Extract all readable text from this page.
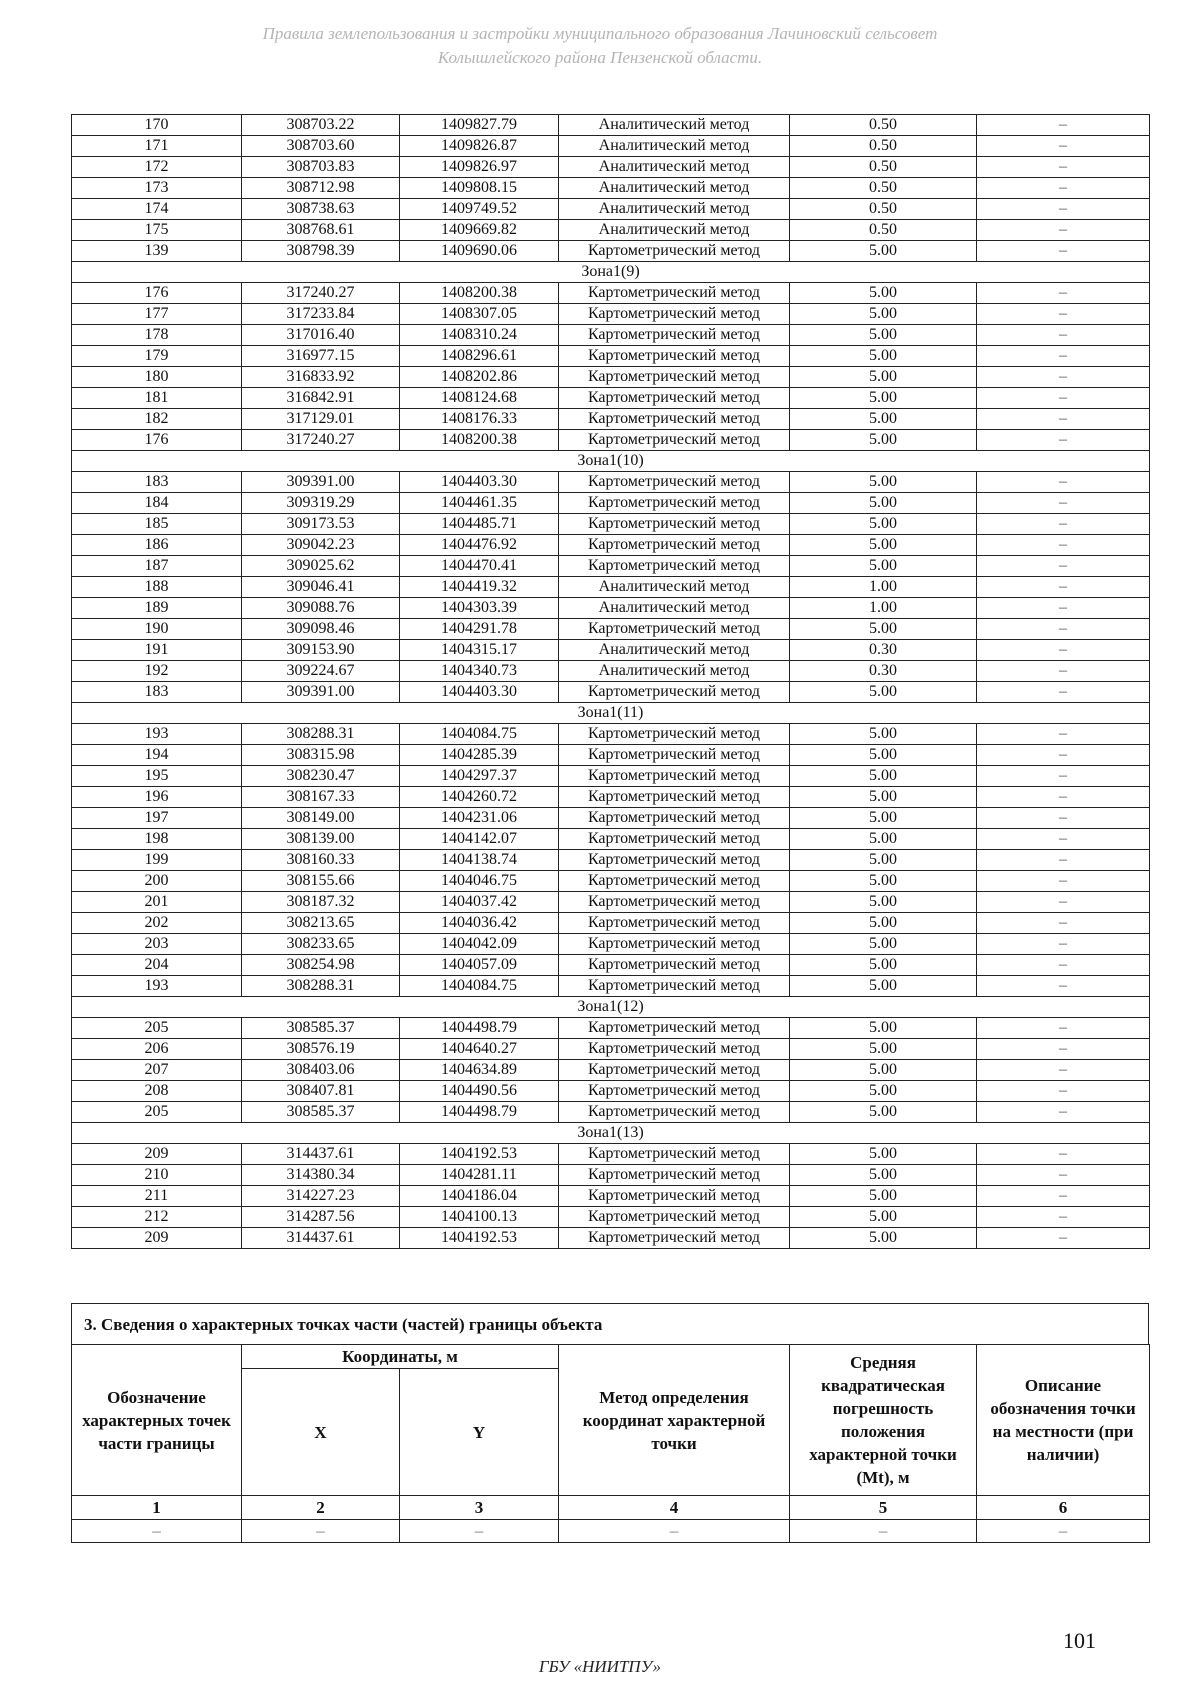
Правила землепользования и застройки муниципального образования Лачиновский сельсовет
Колышлейского района Пензенской области.
170	308703.22	1409827.79	Аналитический метод	0.50	–
171	308703.60	1409826.87	Аналитический метод	0.50	–
172	308703.83	1409826.97	Аналитический метод	0.50	–
173	308712.98	1409808.15	Аналитический метод	0.50	–
174	308738.63	1409749.52	Аналитический метод	0.50	–
175	308768.61	1409669.82	Аналитический метод	0.50	–
139	308798.39	1409690.06	Картометрический метод	5.00	–
Зона1(9)					
176	317240.27	1408200.38	Картометрический метод	5.00	–
177	317233.84	1408307.05	Картометрический метод	5.00	–
178	317016.40	1408310.24	Картометрический метод	5.00	–
179	316977.15	1408296.61	Картометрический метод	5.00	–
180	316833.92	1408202.86	Картометрический метод	5.00	–
181	316842.91	1408124.68	Картометрический метод	5.00	–
182	317129.01	1408176.33	Картометрический метод	5.00	–
176	317240.27	1408200.38	Картометрический метод	5.00	–
Зона1(10)					
183	309391.00	1404403.30	Картометрический метод	5.00	–
184	309319.29	1404461.35	Картометрический метод	5.00	–
185	309173.53	1404485.71	Картометрический метод	5.00	–
186	309042.23	1404476.92	Картометрический метод	5.00	–
187	309025.62	1404470.41	Картометрический метод	5.00	–
188	309046.41	1404419.32	Аналитический метод	1.00	–
189	309088.76	1404303.39	Аналитический метод	1.00	–
190	309098.46	1404291.78	Картометрический метод	5.00	–
191	309153.90	1404315.17	Аналитический метод	0.30	–
192	309224.67	1404340.73	Аналитический метод	0.30	–
183	309391.00	1404403.30	Картометрический метод	5.00	–
Зона1(11)					
193	308288.31	1404084.75	Картометрический метод	5.00	–
194	308315.98	1404285.39	Картометрический метод	5.00	–
195	308230.47	1404297.37	Картометрический метод	5.00	–
196	308167.33	1404260.72	Картометрический метод	5.00	–
197	308149.00	1404231.06	Картометрический метод	5.00	–
198	308139.00	1404142.07	Картометрический метод	5.00	–
199	308160.33	1404138.74	Картометрический метод	5.00	–
200	308155.66	1404046.75	Картометрический метод	5.00	–
201	308187.32	1404037.42	Картометрический метод	5.00	–
202	308213.65	1404036.42	Картометрический метод	5.00	–
203	308233.65	1404042.09	Картометрический метод	5.00	–
204	308254.98	1404057.09	Картометрический метод	5.00	–
193	308288.31	1404084.75	Картометрический метод	5.00	–
Зона1(12)					
205	308585.37	1404498.79	Картометрический метод	5.00	–
206	308576.19	1404640.27	Картометрический метод	5.00	–
207	308403.06	1404634.89	Картометрический метод	5.00	–
208	308407.81	1404490.56	Картометрический метод	5.00	–
205	308585.37	1404498.79	Картометрический метод	5.00	–
Зона1(13)					
209	314437.61	1404192.53	Картометрический метод	5.00	–
210	314380.34	1404281.11	Картометрический метод	5.00	–
211	314227.23	1404186.04	Картометрический метод	5.00	–
212	314287.56	1404100.13	Картометрический метод	5.00	–
209	314437.61	1404192.53	Картометрический метод	5.00	–
3. Сведения о характерных точках части (частей) границы объекта
Обозначение характерных точек части границы	Координаты, м		Метод определения координат характерной точки	Средняя квадратическая погрешность положения характерной точки (Mt), м	Описание обозначения точки на местности (при наличии)
	X	Y			
1	2	3	4	5	6
–	–	–	–	–	–
101
ГБУ «НИИТПУ»
